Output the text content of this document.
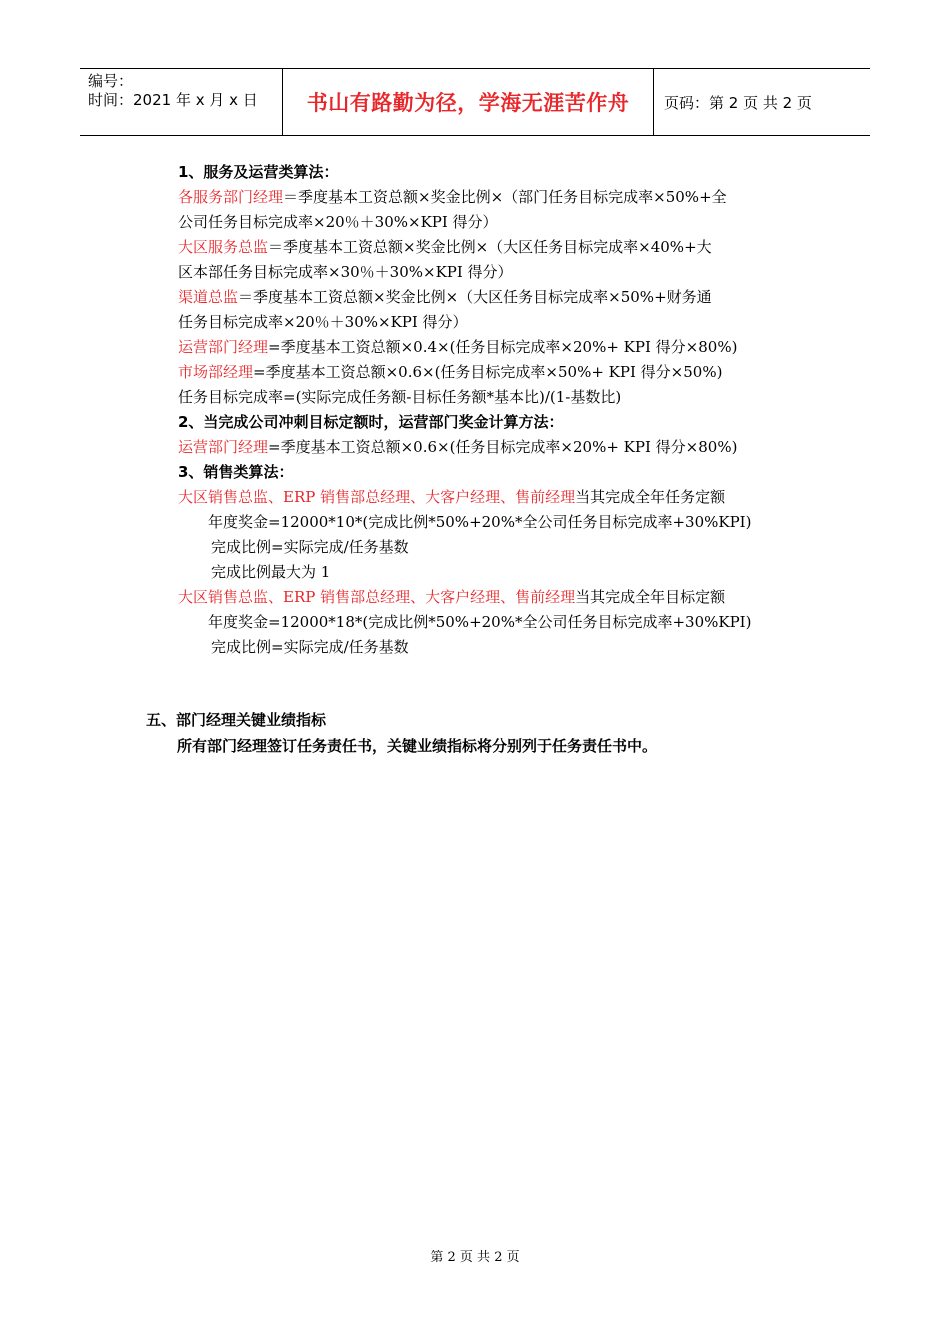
编号：
时间：2021 年 x 月 x 日	书山有路勤为径，学海无涯苦作舟	页码：第 2 页 共 2 页
1、服务及运营类算法：
各服务部门经理＝季度基本工资总额×奖金比例×（部门任务目标完成率×50%+全
公司任务目标完成率×20％＋30%×KPI 得分）
大区服务总监＝季度基本工资总额×奖金比例×（大区任务目标完成率×40%+大
区本部任务目标完成率×30％＋30%×KPI 得分）
渠道总监＝季度基本工资总额×奖金比例×（大区任务目标完成率×50%+财务通
任务目标完成率×20％＋30%×KPI 得分）
运营部门经理=季度基本工资总额×0.4×(任务目标完成率×20%+ KPI 得分×80%)
市场部经理=季度基本工资总额×0.6×(任务目标完成率×50%+ KPI 得分×50%)
任务目标完成率=(实际完成任务额-目标任务额*基本比)/(1-基数比)
2、当完成公司冲刺目标定额时，运营部门奖金计算方法：
运营部门经理=季度基本工资总额×0.6×(任务目标完成率×20%+ KPI 得分×80%)
3、销售类算法：
大区销售总监、ERP 销售部总经理、大客户经理、售前经理当其完成全年任务定额
年度奖金=12000*10*(完成比例*50%+20%*全公司任务目标完成率+30%KPI)
完成比例=实际完成/任务基数
完成比例最大为 1
大区销售总监、ERP 销售部总经理、大客户经理、售前经理当其完成全年目标定额
年度奖金=12000*18*(完成比例*50%+20%*全公司任务目标完成率+30%KPI)
完成比例=实际完成/任务基数
五、部门经理关键业绩指标
所有部门经理签订任务责任书，关键业绩指标将分别列于任务责任书中。
第 2 页 共 2 页
